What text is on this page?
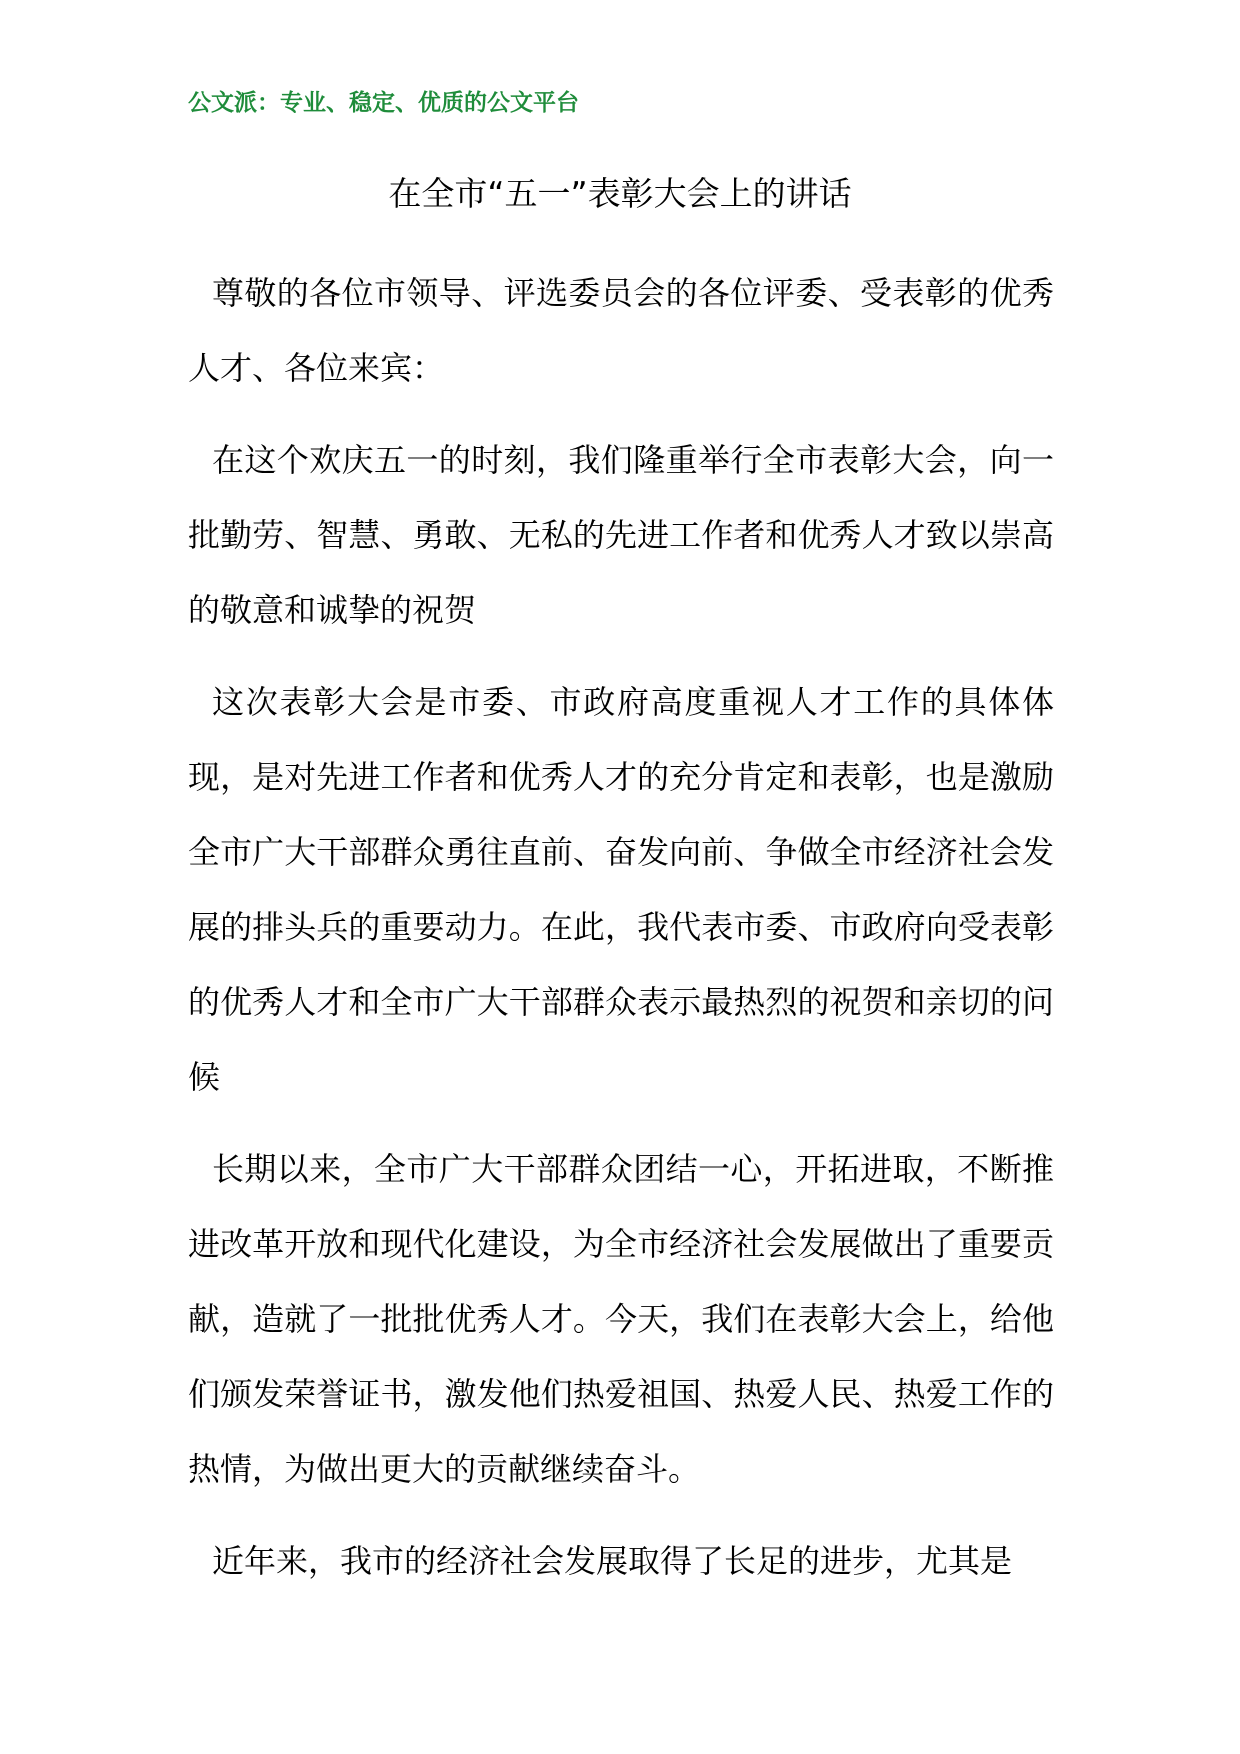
公文派：专业、稳定、优质的公文平台
在全市“五一”表彰大会上的讲话

尊敬的各位市领导、评选委员会的各位评委、受表彰的优秀人才、各位来宾：

在这个欢庆五一的时刻，我们隆重举行全市表彰大会，向一批勤劳、智慧、勇敢、无私的先进工作者和优秀人才致以崇高的敬意和诚挚的祝贺

这次表彰大会是市委、市政府高度重视人才工作的具体体现，是对先进工作者和优秀人才的充分肯定和表彰，也是激励全市广大干部群众勇往直前、奋发向前、争做全市经济社会发展的排头兵的重要动力。在此，我代表市委、市政府向受表彰的优秀人才和全市广大干部群众表示最热烈的祝贺和亲切的问候

长期以来，全市广大干部群众团结一心，开拓进取，不断推进改革开放和现代化建设，为全市经济社会发展做出了重要贡献，造就了一批批优秀人才。今天，我们在表彰大会上，给他们颁发荣誉证书，激发他们热爱祖国、热爱人民、热爱工作的热情，为做出更大的贡献继续奋斗。

近年来，我市的经济社会发展取得了长足的进步，尤其是
